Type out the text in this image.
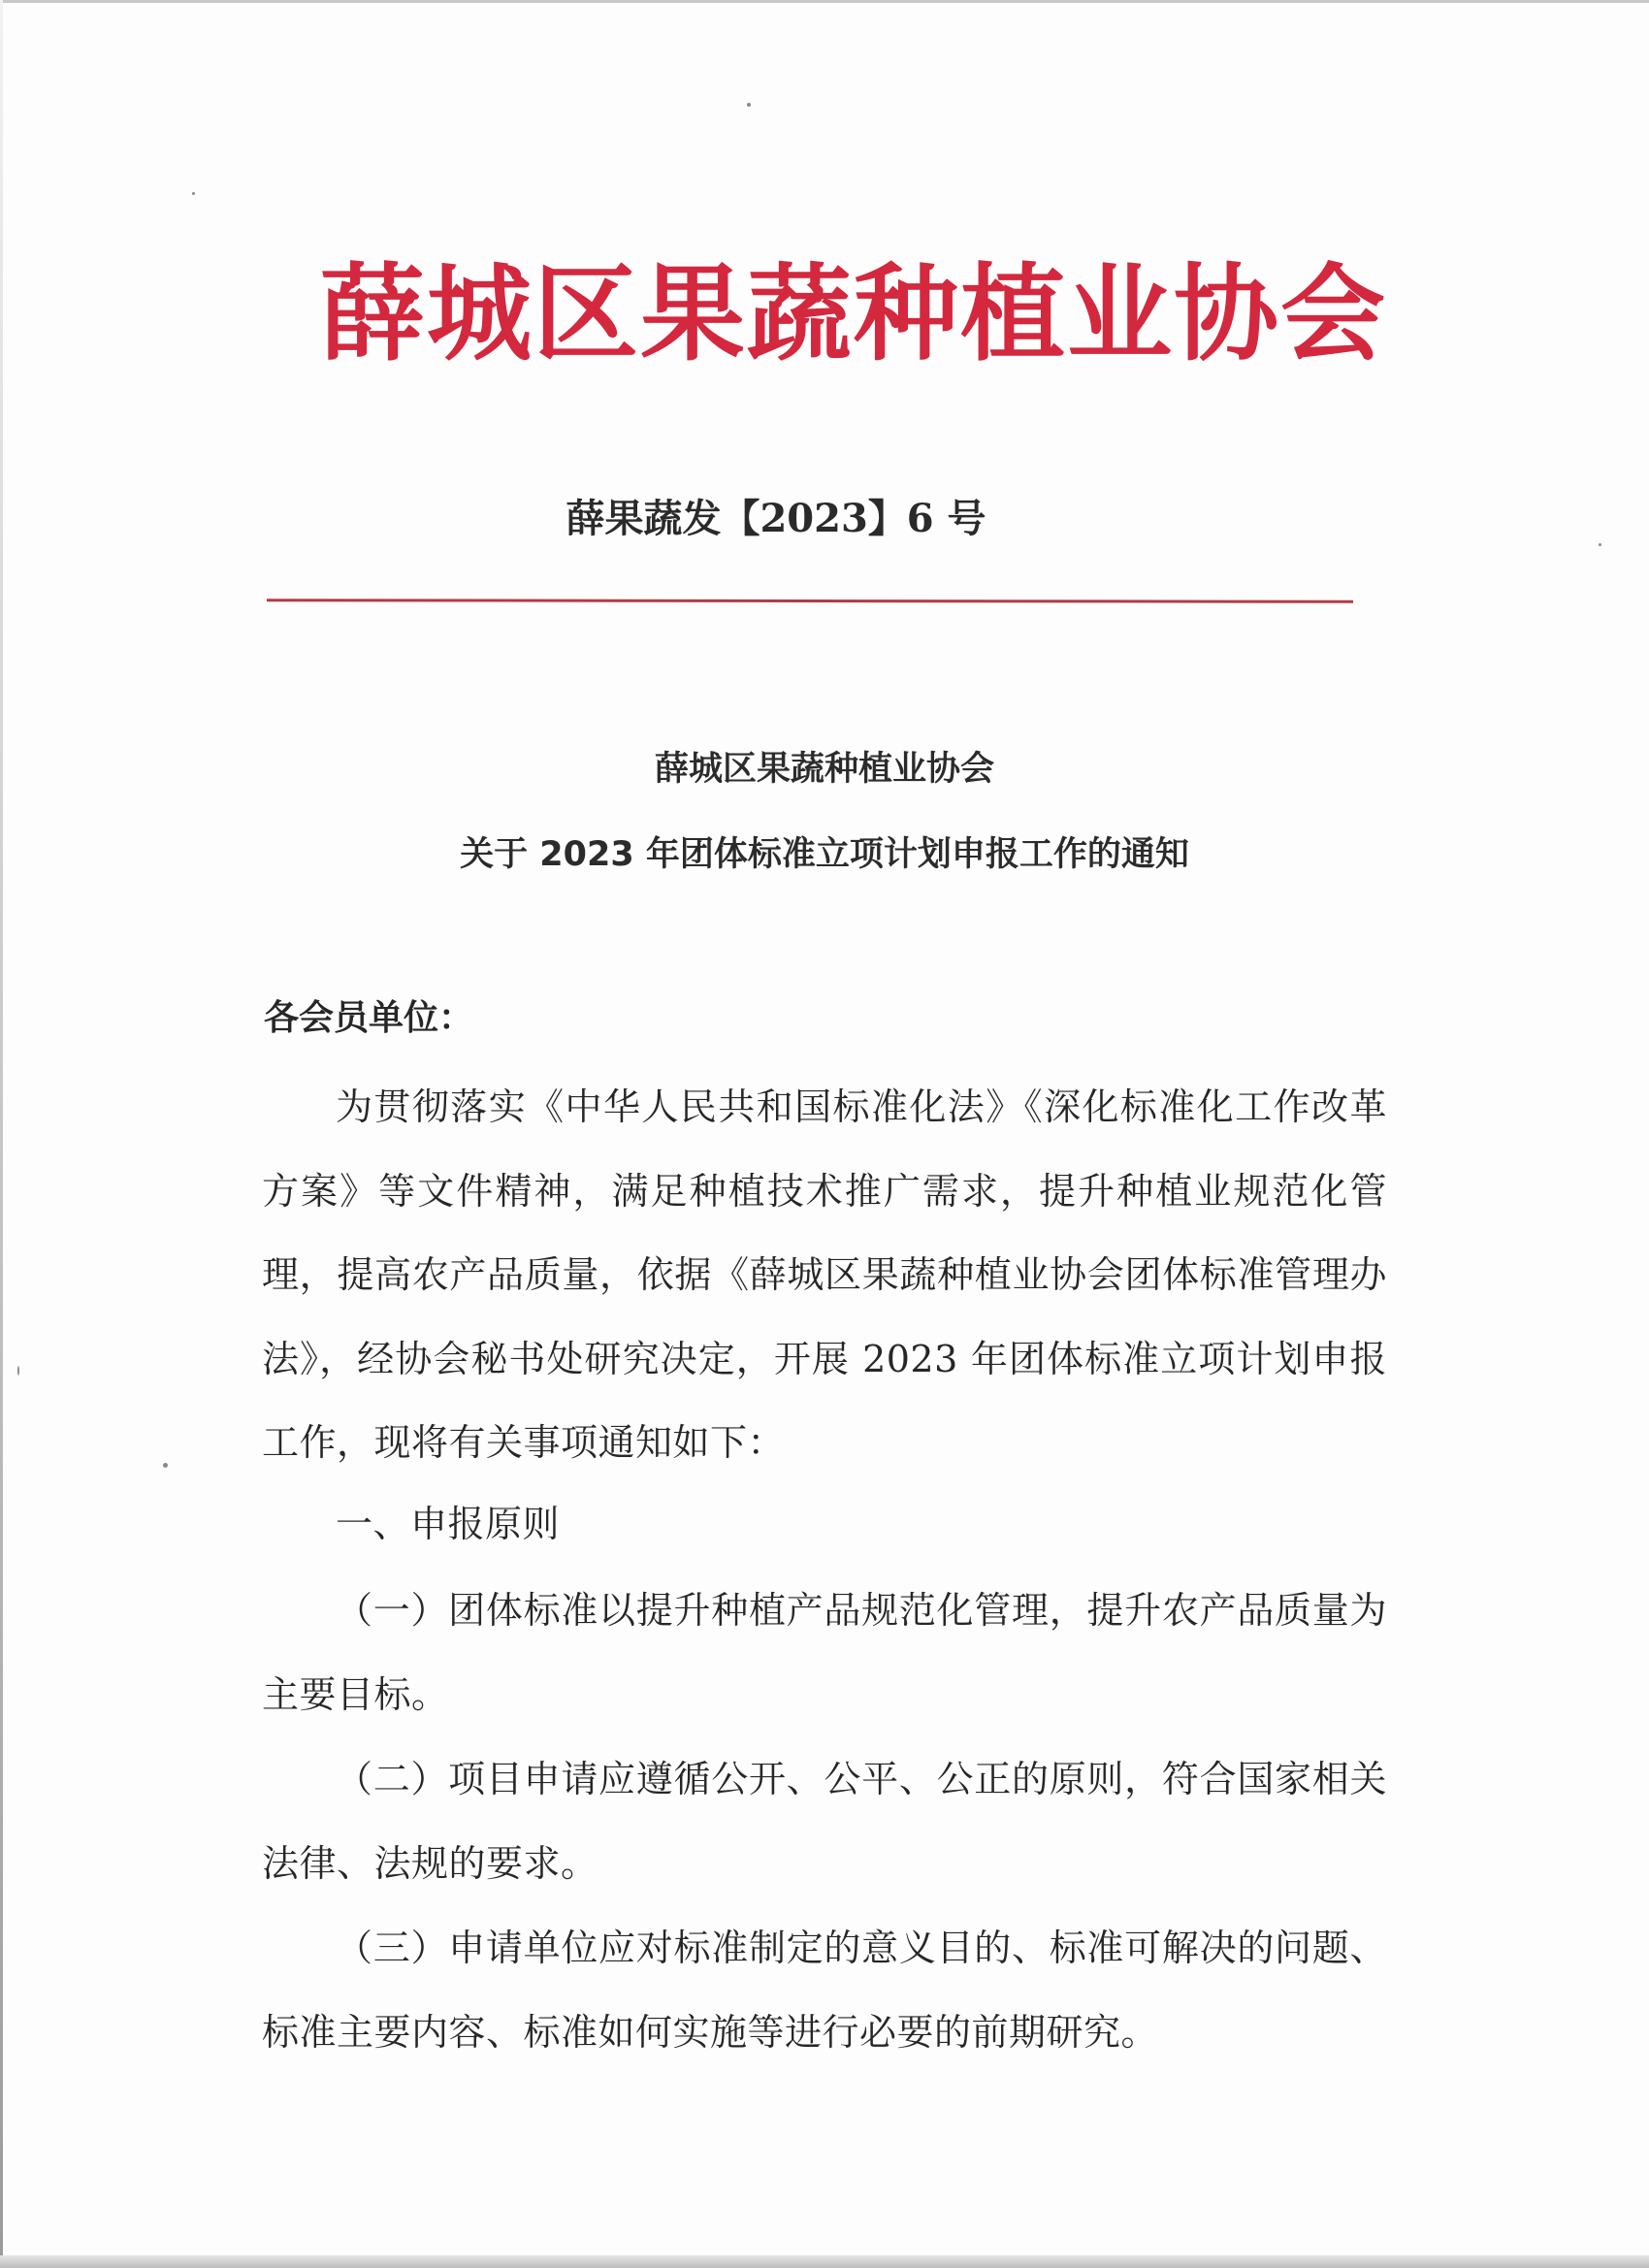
薛城区果蔬种植业协会
薛果蔬发【2023】6 号
薛城区果蔬种植业协会
关于 2023 年团体标准立项计划申报工作的通知
各会员单位：
为贯彻落实《中华人民共和国标准化法》《深化标准化工作改革方案》等文件精神，满足种植技术推广需求，提升种植业规范化管理，提高农产品质量，依据《薛城区果蔬种植业协会团体标准管理办法》，经协会秘书处研究决定，开展 2023 年团体标准立项计划申报工作，现将有关事项通知如下：
一、申报原则
（一）团体标准以提升种植产品规范化管理，提升农产品质量为主要目标。
（二）项目申请应遵循公开、公平、公正的原则，符合国家相关法律、法规的要求。
（三）申请单位应对标准制定的意义目的、标准可解决的问题、标准主要内容、标准如何实施等进行必要的前期研究。
